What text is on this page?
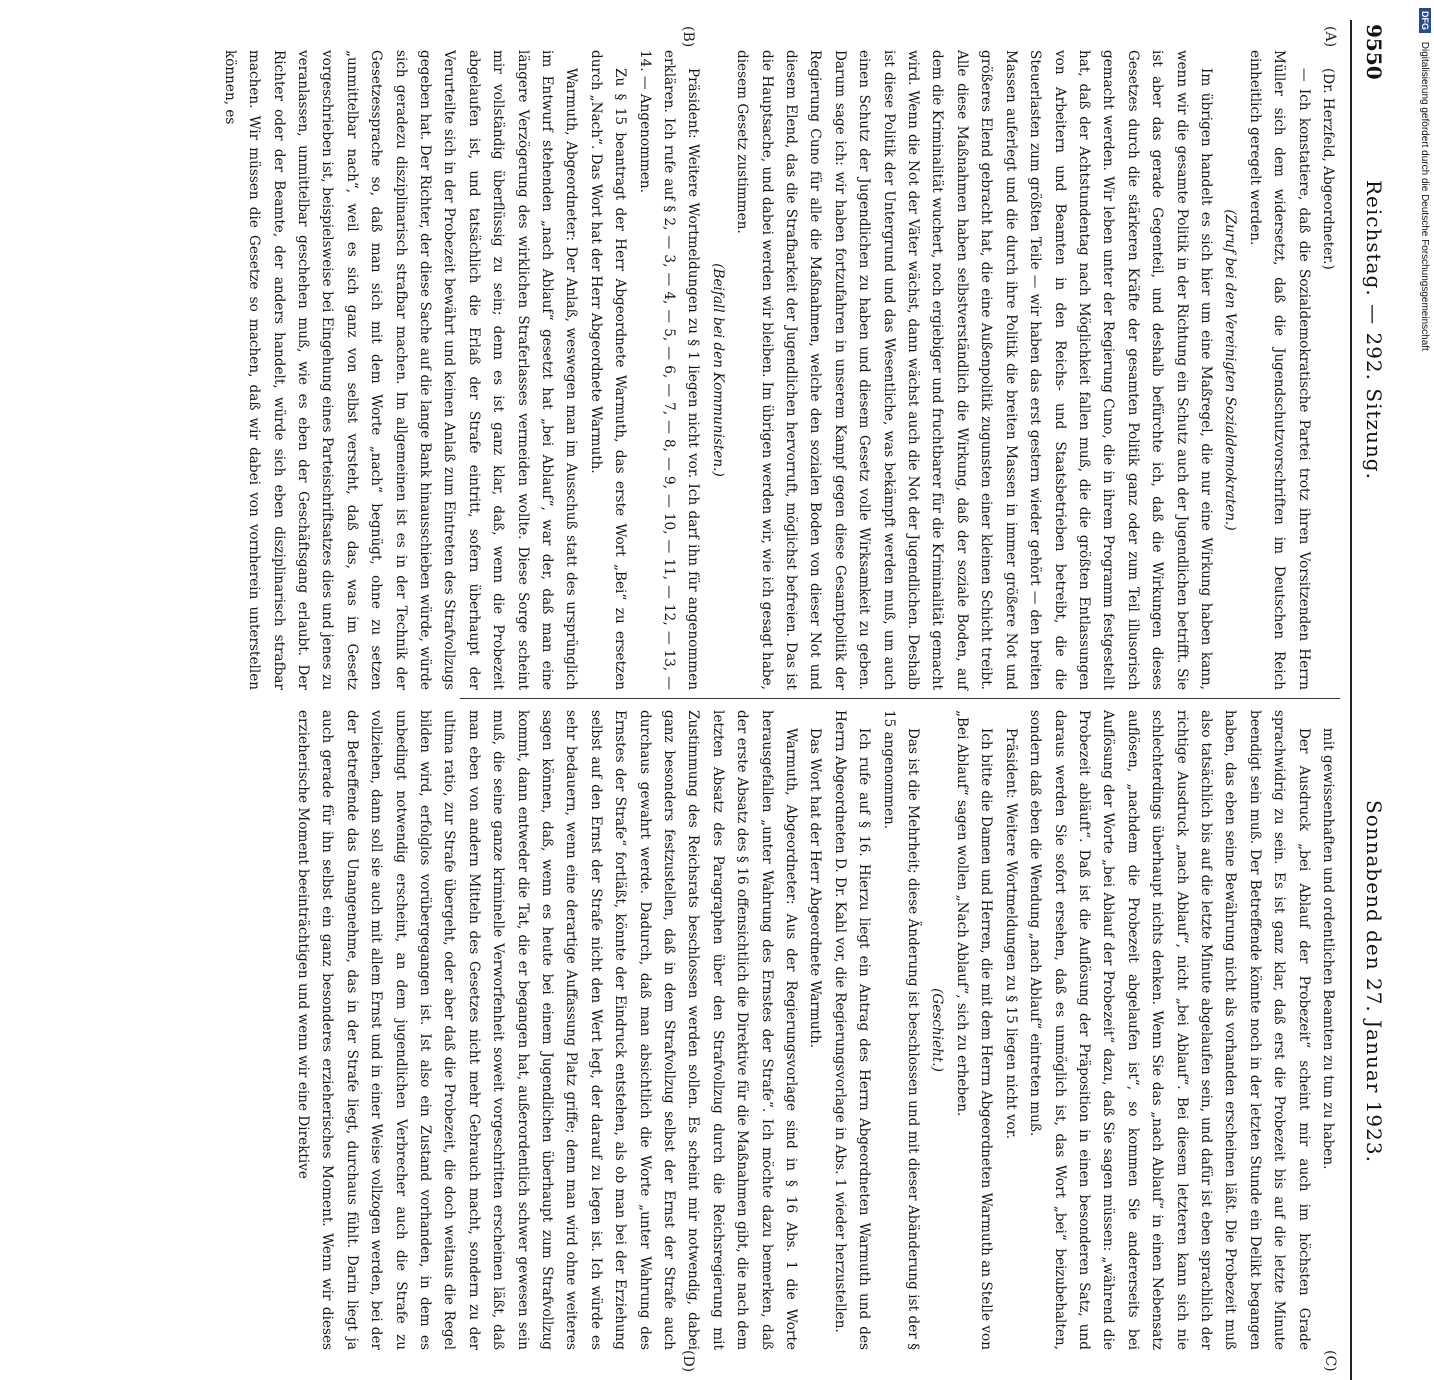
9550
Reichstag. — 292. Sitzung.
Sonnabend den 27. Januar 1923.
(A)
(B)
(C)
(D)

(Dr. Herzfeld, Abgeordneter.)

— Ich konstatiere, daß die Sozialdemokratische Partei trotz ihren Vorsitzenden Herrn Müller sich dem widersetzt, daß die Jugendschutzvorschriften im Deutschen Reich einheitlich geregelt werden.

(Zuruf bei den Vereinigten Sozialdemokraten.)

Im übrigen handelt es sich hier um eine Maßregel, die nur eine Wirkung haben kann, wenn wir die gesamte Politik in der Richtung ein Schutz auch der Jugendlichen betrifft. Sie ist aber das gerade Gegenteil, und deshalb befürchte ich, daß die Wirkungen dieses Gesetzes durch die stärkeren Kräfte der gesamten Politik ganz oder zum Teil illusorisch gemacht werden. Wir leben unter der Regierung Cuno, die in ihrem Programm festgestellt hat, daß der Achtstundentag nach Möglichkeit fallen muß, die die größten Entlassungen von Arbeitern und Beamten in den Reichs- und Staatsbetrieben betreibt, die die Steuerlasten zum größten Teile — wir haben das erst gestern wieder gehört — den breiten Massen auferlegt und die durch ihre Politik die breiten Massen in immer größere Not und größeres Elend gebracht hat, die eine Außenpolitik zugunsten einer kleinen Schicht treibt. Alle diese Maßnahmen haben selbstverständlich die Wirkung, daß der soziale Boden, auf dem die Kriminalität wuchert, noch ergiebiger und fruchtbarer für die Kriminalität gemacht wird. Wenn die Not der Väter wächst, dann wächst auch die Not der Jugendlichen. Deshalb ist diese Politik der Untergrund und das Wesentliche, was bekämpft werden muß, um auch einen Schutz der Jugendlichen zu haben und diesem Gesetz volle Wirksamkeit zu geben. Darum sage ich: wir haben fortzufahren in unserem Kampf gegen diese Gesamtpolitik der Regierung Cuno für alle die Maßnahmen, welche den sozialen Boden von dieser Not und diesem Elend, das die Strafbarkeit der Jugendlichen hervorruft, möglichst befreien. Das ist die Hauptsache, und dabei werden wir bleiben. Im übrigen werden wir, wie ich gesagt habe, diesem Gesetz zustimmen.

(Beifall bei den Kommunisten.)

Präsident: Weitere Wortmeldungen zu § 1 liegen nicht vor. Ich darf ihn für angenommen erklären. Ich rufe auf § 2, — 3, — 4, — 5, — 6, — 7, — 8, — 9, — 10, — 11, — 12, — 13, — 14. — Angenommen.

Zu § 15 beantragt der Herr Abgeordnete Warmuth, das erste Wort „Bei“ zu ersetzen durch „Nach“. Das Wort hat der Herr Abgeordnete Warmuth.

Warmuth, Abgeordneter: Der Anlaß, weswegen man im Ausschuß statt des ursprünglich im Entwurf stehenden „nach Ablauf“ gesetzt hat „bei Ablauf“, war der, daß man eine längere Verzögerung des wirklichen Straferlasses vermeiden wollte. Diese Sorge scheint mir vollständig überflüssig zu sein; denn es ist ganz klar, daß, wenn die Probezeit abgelaufen ist, und tatsächlich die Erlaß der Strafe eintritt, sofern überhaupt der Verurteilte sich in der Probezeit bewährt und keinen Anlaß zum Eintreten des Strafvollzugs gegeben hat. Der Richter, der diese Sache auf die lange Bank hinausschieben würde, würde sich geradezu disziplinarisch strafbar machen. Im allgemeinen ist es in der Technik der Gesetzessprache so, daß man sich mit dem Worte „nach“ begnügt, ohne zu setzen „unmittelbar nach“, weil es sich ganz von selbst versteht, daß das, was im Gesetz vorgeschrieben ist, beispielsweise bei Eingehung eines Parteischriftsatzes dies und jenes zu veranlassen, unmittelbar geschehen muß, wie es eben der Geschäftsgang erlaubt. Der Richter oder der Beamte, der anders handelt, würde sich eben disziplinarisch strafbar machen. Wir müssen die Gesetze so machen, daß wir dabei von vornherein unterstellen können, es

mit gewissenhaften und ordentlichen Beamten zu tun zu haben.

Der Ausdruck „bei Ablauf der Probezeit“ scheint mir auch im höchsten Grade sprachwidrig zu sein. Es ist ganz klar, daß erst die Probezeit bis auf die letzte Minute beendigt sein muß. Der Betreffende könnte noch in der letzten Stunde ein Delikt begangen haben, das eben seine Bewährung nicht als vorhanden erscheinen läßt. Die Probezeit muß also tatsächlich bis auf die letzte Minute abgelaufen sein, und dafür ist eben sprachlich der richtige Ausdruck „nach Ablauf“, nicht „bei Ablauf“. Bei diesem letzteren kann sich nie schlechterdings überhaupt nichts denken. Wenn Sie das „nach Ablauf“ in einen Nebensatz auflösen, „nachdem die Probezeit abgelaufen ist“, so kommen Sie andererseits bei Auflösung der Worte „bei Ablauf der Probezeit“ dazu, daß Sie sagen müssen: „während die Probezeit abläuft“. Daß ist die Auflösung der Präposition in einen besonderen Satz, und daraus werden Sie sofort ersehen, daß es unmöglich ist, das Wort „bei“ beizubehalten, sondern daß eben die Wendung „nach Ablauf“ eintreten muß.

Präsident: Weitere Wortmeldungen zu § 15 liegen nicht vor.

Ich bitte die Damen und Herren, die mit dem Herrn Abgeordneten Warmuth an Stelle von „Bei Ablauf“ sagen wollen „Nach Ablauf“, sich zu erheben.

(Geschieht.)

Das ist die Mehrheit; diese Änderung ist beschlossen und mit dieser Abänderung ist der § 15 angenommen.

Ich rufe auf § 16. Hierzu liegt ein Antrag des Herrn Abgeordneten Warmuth und des Herrn Abgeordneten D. Dr. Kahl vor, die Regierungsvorlage in Abs. 1 wieder herzustellen.

Das Wort hat der Herr Abgeordnete Warmuth.

Warmuth, Abgeordneter: Aus der Regierungsvorlage sind in § 16 Abs. 1 die Worte herausgefallen „unter Wahrung des Ernstes der Strafe“. Ich möchte dazu bemerken, daß der erste Absatz des § 16 offensichtlich die Direktive für die Maßnahmen gibt, die nach dem letzten Absatz des Paragraphen über den Strafvollzug durch die Reichsregierung mit Zustimmung des Reichsrats beschlossen werden sollen. Es scheint mir notwendig, dabei ganz besonders festzustellen, daß in dem Strafvollzug selbst der Ernst der Strafe auch durchaus gewahrt werde. Dadurch, daß man absichtlich die Worte „unter Wahrung des Ernstes der Strafe“ fortläßt, könnte der Eindruck entstehen, als ob man bei der Erziehung selbst auf den Ernst der Strafe nicht den Wert legt, der darauf zu legen ist. Ich würde es sehr bedauern, wenn eine derartige Auffassung Platz griffe; denn man wird ohne weiteres sagen können, daß, wenn es heute bei einem Jugendlichen überhaupt zum Strafvollzug kommt, dann entweder die Tat, die er begangen hat, außerordentlich schwer gewesen sein muß, die seine ganze kriminelle Verworfenheit soweit vorgeschritten erscheinen läßt, daß man eben von andern Mitteln des Gesetzes nicht mehr Gebrauch macht, sondern zu der ultima ratio, zur Strafe übergeht, oder aber daß die Probezeit, die doch weitaus die Regel bilden wird, erfolglos vorübergegangen ist. Ist also ein Zustand vorhanden, in dem es unbedingt notwendig erscheint, an dem jugendlichen Verbrecher auch die Strafe zu vollziehen, dann soll sie auch mit allem Ernst und in einer Weise vollzogen werden, bei der der Betreffende das Unangenehme, das in der Strafe liegt, durchaus fühlt. Darin liegt ja auch gerade für ihn selbst ein ganz besonderes erzieherisches Moment. Wenn wir dieses erzieherische Moment beeinträchtigen und wenn wir eine Direktive

DFG Digitalisierung gefördert durch die Deutsche Forschungsgemeinschaft
